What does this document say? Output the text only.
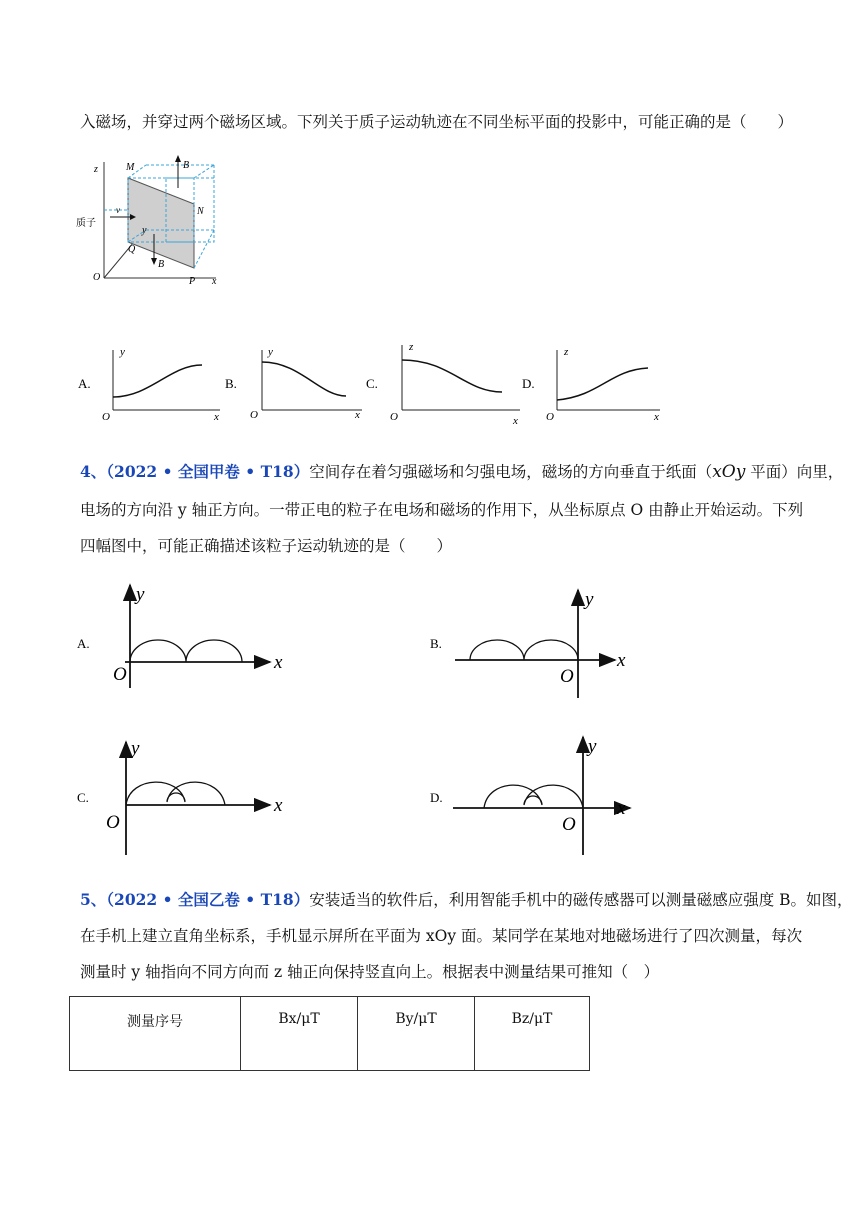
入磁场，并穿过两个磁场区域。下列关于质子运动轨迹在不同坐标平面的投影中，可能正确的是（　　）
z	M	B
N
质子
v
y
Q
B
O	P x
A.
y
O	x
B.
y
O	x
C.
z
O	x
D.
z
O	x
4、（2022 • 全国甲卷 • T18）空间存在着匀强磁场和匀强电场，磁场的方向垂直于纸面（xOy 平面）向里，
电场的方向沿 y 轴正方向。一带正电的粒子在电场和磁场的作用下，从坐标原点 O 由静止开始运动。下列
四幅图中，可能正确描述该粒子运动轨迹的是（　　）
A.
y
O
x
B.
y
O
x
C.
y
O
x	D.
y
O
x
5、（2022 • 全国乙卷 • T18）安装适当的软件后，利用智能手机中的磁传感器可以测量磁感应强度 B。如图，
在手机上建立直角坐标系，手机显示屏所在平面为 xOy 面。某同学在某地对地磁场进行了四次测量，每次
测量时 y 轴指向不同方向而 z 轴正向保持竖直向上。根据表中测量结果可推知（　）
测量序号	Bx/μT	By/μT	Bz/μT
